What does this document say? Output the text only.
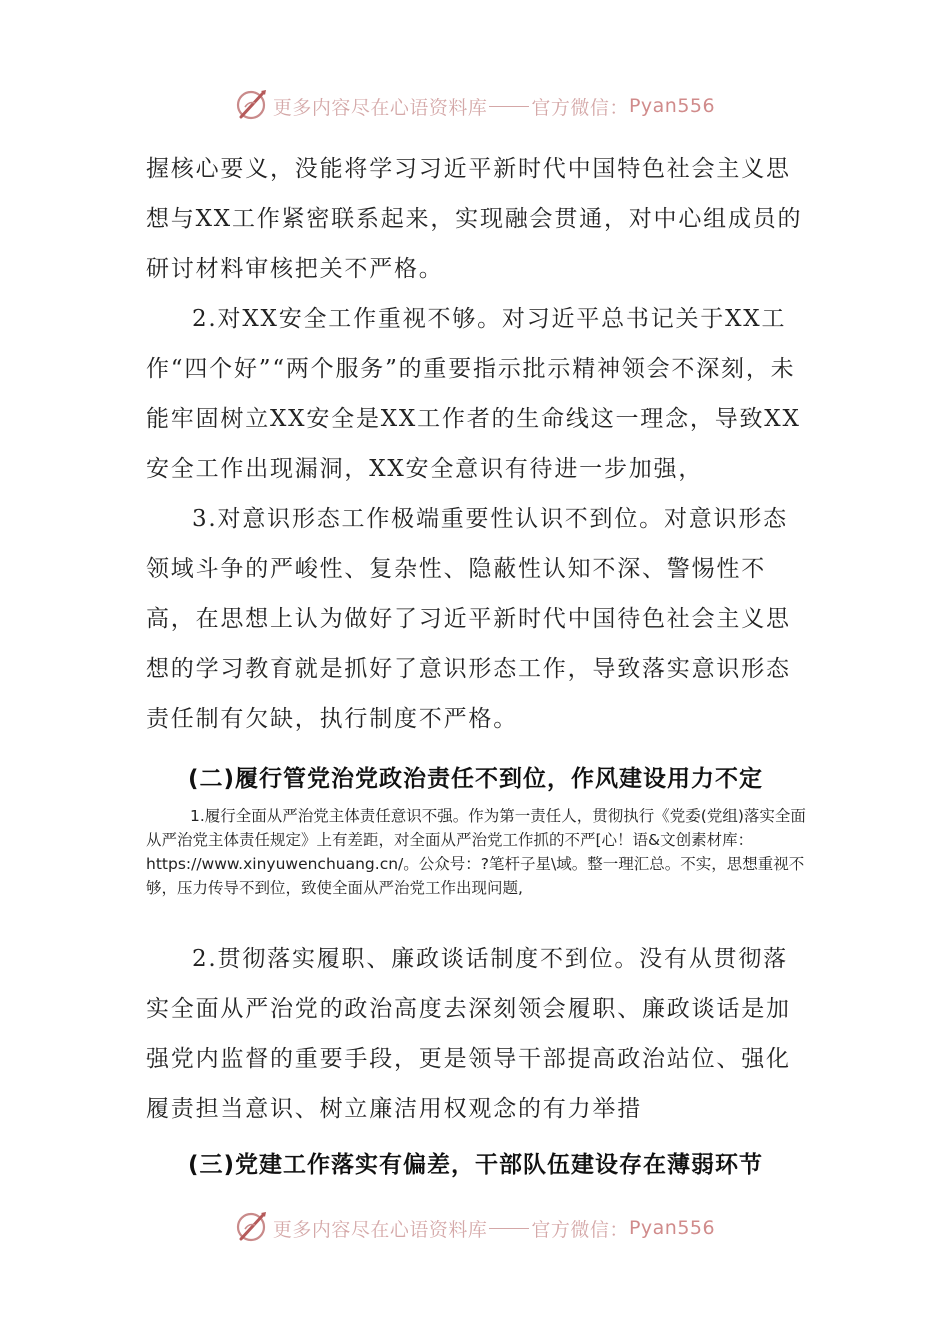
更多内容尽在心语资料库 官方微信： Pyan556

握核心要义，没能将学习习近平新时代中国特色社会主义思想与XX工作紧密联系起来，实现融会贯通，对中心组成员的研讨材料审核把关不严格。

2.对XX安全工作重视不够。对习近平总书记关于XX工作“四个好”“两个服务”的重要指示批示精神领会不深刻，未能牢固树立XX安全是XX工作者的生命线这一理念，导致XX安全工作出现漏洞，XX安全意识有待进一步加强，

3.对意识形态工作极端重要性认识不到位。对意识形态领域斗争的严峻性、复杂性、隐蔽性认知不深、警惕性不高，在思想上认为做好了习近平新时代中国待色社会主义思想的学习教育就是抓好了意识形态工作，导致落实意识形态责任制有欠缺，执行制度不严格。

(二)履行管党治党政治责任不到位，作风建设用力不定

1.履行全面从严治党主体责任意识不强。作为第一责任人，贯彻执行《党委(党组)落实全面从严治党主体责任规定》上有差距，对全面从严治党工作抓的不严[心！语&文创素材库：https://www.xinyuwenchuang.cn/。公众号：?笔杆子星\域。整一理汇总。不实，思想重视不够，压力传导不到位，致使全面从严治党工作出现问题,

2.贯彻落实履职、廉政谈话制度不到位。没有从贯彻落实全面从严治党的政治高度去深刻领会履职、廉政谈话是加强党内监督的重要手段，更是领导干部提高政治站位、强化履责担当意识、树立廉洁用权观念的有力举措

(三)党建工作落实有偏差，干部队伍建设存在薄弱环节
更多内容尽在心语资料库 官方微信： Pyan556
